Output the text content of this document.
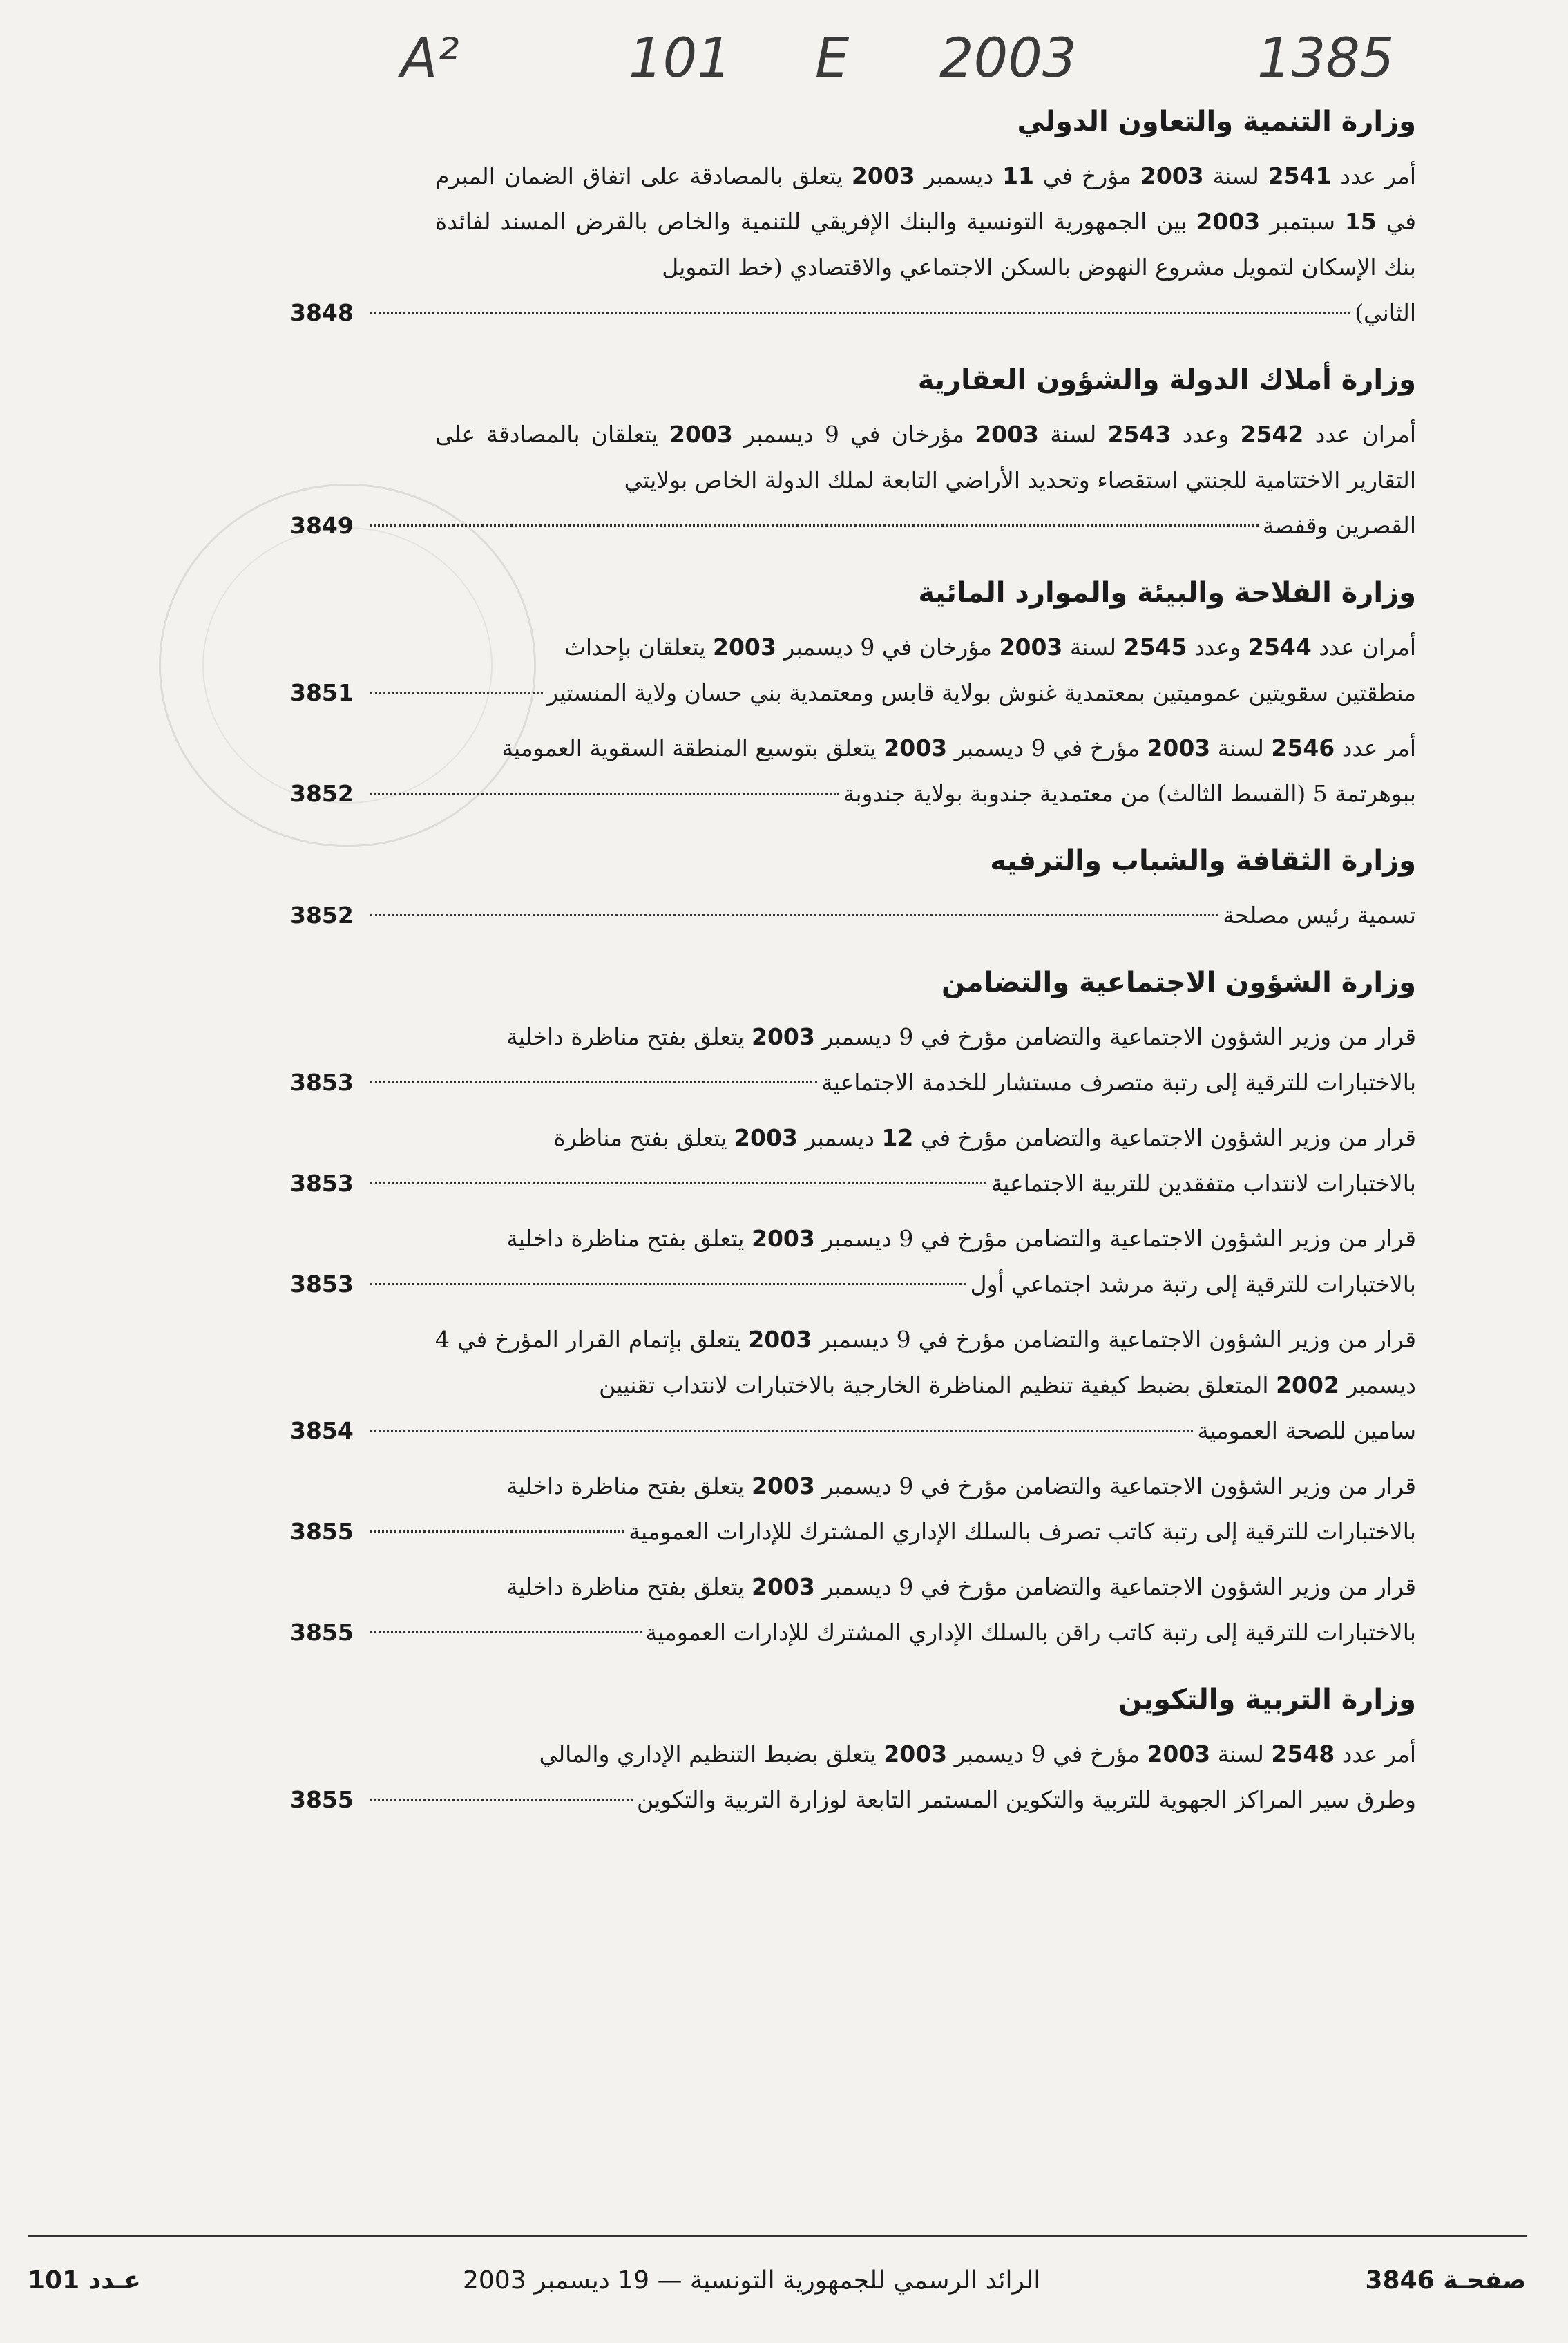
A²	101 E 2003	1385
وزارة التنمية والتعاون الدولي
أمر عدد 2541 لسنة 2003 مؤرخ في 11 ديسمبر 2003 يتعلق بالمصادقة على اتفاق الضمان المبرم في 15 سبتمبر 2003 بين الجمهورية التونسية والبنك الإفريقي للتنمية والخاص بالقرض المسند لفائدة بنك الإسكان لتمويل مشروع النهوض بالسكن الاجتماعي والاقتصادي (خط التمويل
الثاني)
3848
وزارة أملاك الدولة والشؤون العقارية
أمران عدد 2542 وعدد 2543 لسنة 2003 مؤرخان في 9 ديسمبر 2003 يتعلقان بالمصادقة على التقارير الاختتامية للجنتي استقصاء وتحديد الأراضي التابعة لملك الدولة الخاص بولايتي
القصرين وقفصة
3849
وزارة الفلاحة والبيئة والموارد المائية
أمران عدد 2544 وعدد 2545 لسنة 2003 مؤرخان في 9 ديسمبر 2003 يتعلقان بإحداث
منطقتين سقويتين عموميتين بمعتمدية غنوش بولاية قابس ومعتمدية بني حسان ولاية المنستير
3851
أمر عدد 2546 لسنة 2003 مؤرخ في 9 ديسمبر 2003 يتعلق بتوسيع المنطقة السقوية العمومية
ببوهرتمة 5 (القسط الثالث) من معتمدية جندوبة بولاية جندوبة
3852
وزارة الثقافة والشباب والترفيه
تسمية رئيس مصلحة
3852
وزارة الشؤون الاجتماعية والتضامن
قرار من وزير الشؤون الاجتماعية والتضامن مؤرخ في 9 ديسمبر 2003 يتعلق بفتح مناظرة داخلية
بالاختبارات للترقية إلى رتبة متصرف مستشار للخدمة الاجتماعية
3853
قرار من وزير الشؤون الاجتماعية والتضامن مؤرخ في 12 ديسمبر 2003 يتعلق بفتح مناظرة
بالاختبارات لانتداب متفقدين للتربية الاجتماعية
3853
قرار من وزير الشؤون الاجتماعية والتضامن مؤرخ في 9 ديسمبر 2003 يتعلق بفتح مناظرة داخلية
بالاختبارات للترقية إلى رتبة مرشد اجتماعي أول
3853
قرار من وزير الشؤون الاجتماعية والتضامن مؤرخ في 9 ديسمبر 2003 يتعلق بإتمام القرار المؤرخ في 4 ديسمبر 2002 المتعلق بضبط كيفية تنظيم المناظرة الخارجية بالاختبارات لانتداب تقنيين
سامين للصحة العمومية
3854
قرار من وزير الشؤون الاجتماعية والتضامن مؤرخ في 9 ديسمبر 2003 يتعلق بفتح مناظرة داخلية
بالاختبارات للترقية إلى رتبة كاتب تصرف بالسلك الإداري المشترك للإدارات العمومية
3855
قرار من وزير الشؤون الاجتماعية والتضامن مؤرخ في 9 ديسمبر 2003 يتعلق بفتح مناظرة داخلية
بالاختبارات للترقية إلى رتبة كاتب راقن بالسلك الإداري المشترك للإدارات العمومية
3855
وزارة التربية والتكوين
أمر عدد 2548 لسنة 2003 مؤرخ في 9 ديسمبر 2003 يتعلق بضبط التنظيم الإداري والمالي
وطرق سير المراكز الجهوية للتربية والتكوين المستمر التابعة لوزارة التربية والتكوين
3855
صفحـة 3846
الرائد الرسمي للجمهورية التونسية — 19 ديسمبر 2003
عـدد 101
